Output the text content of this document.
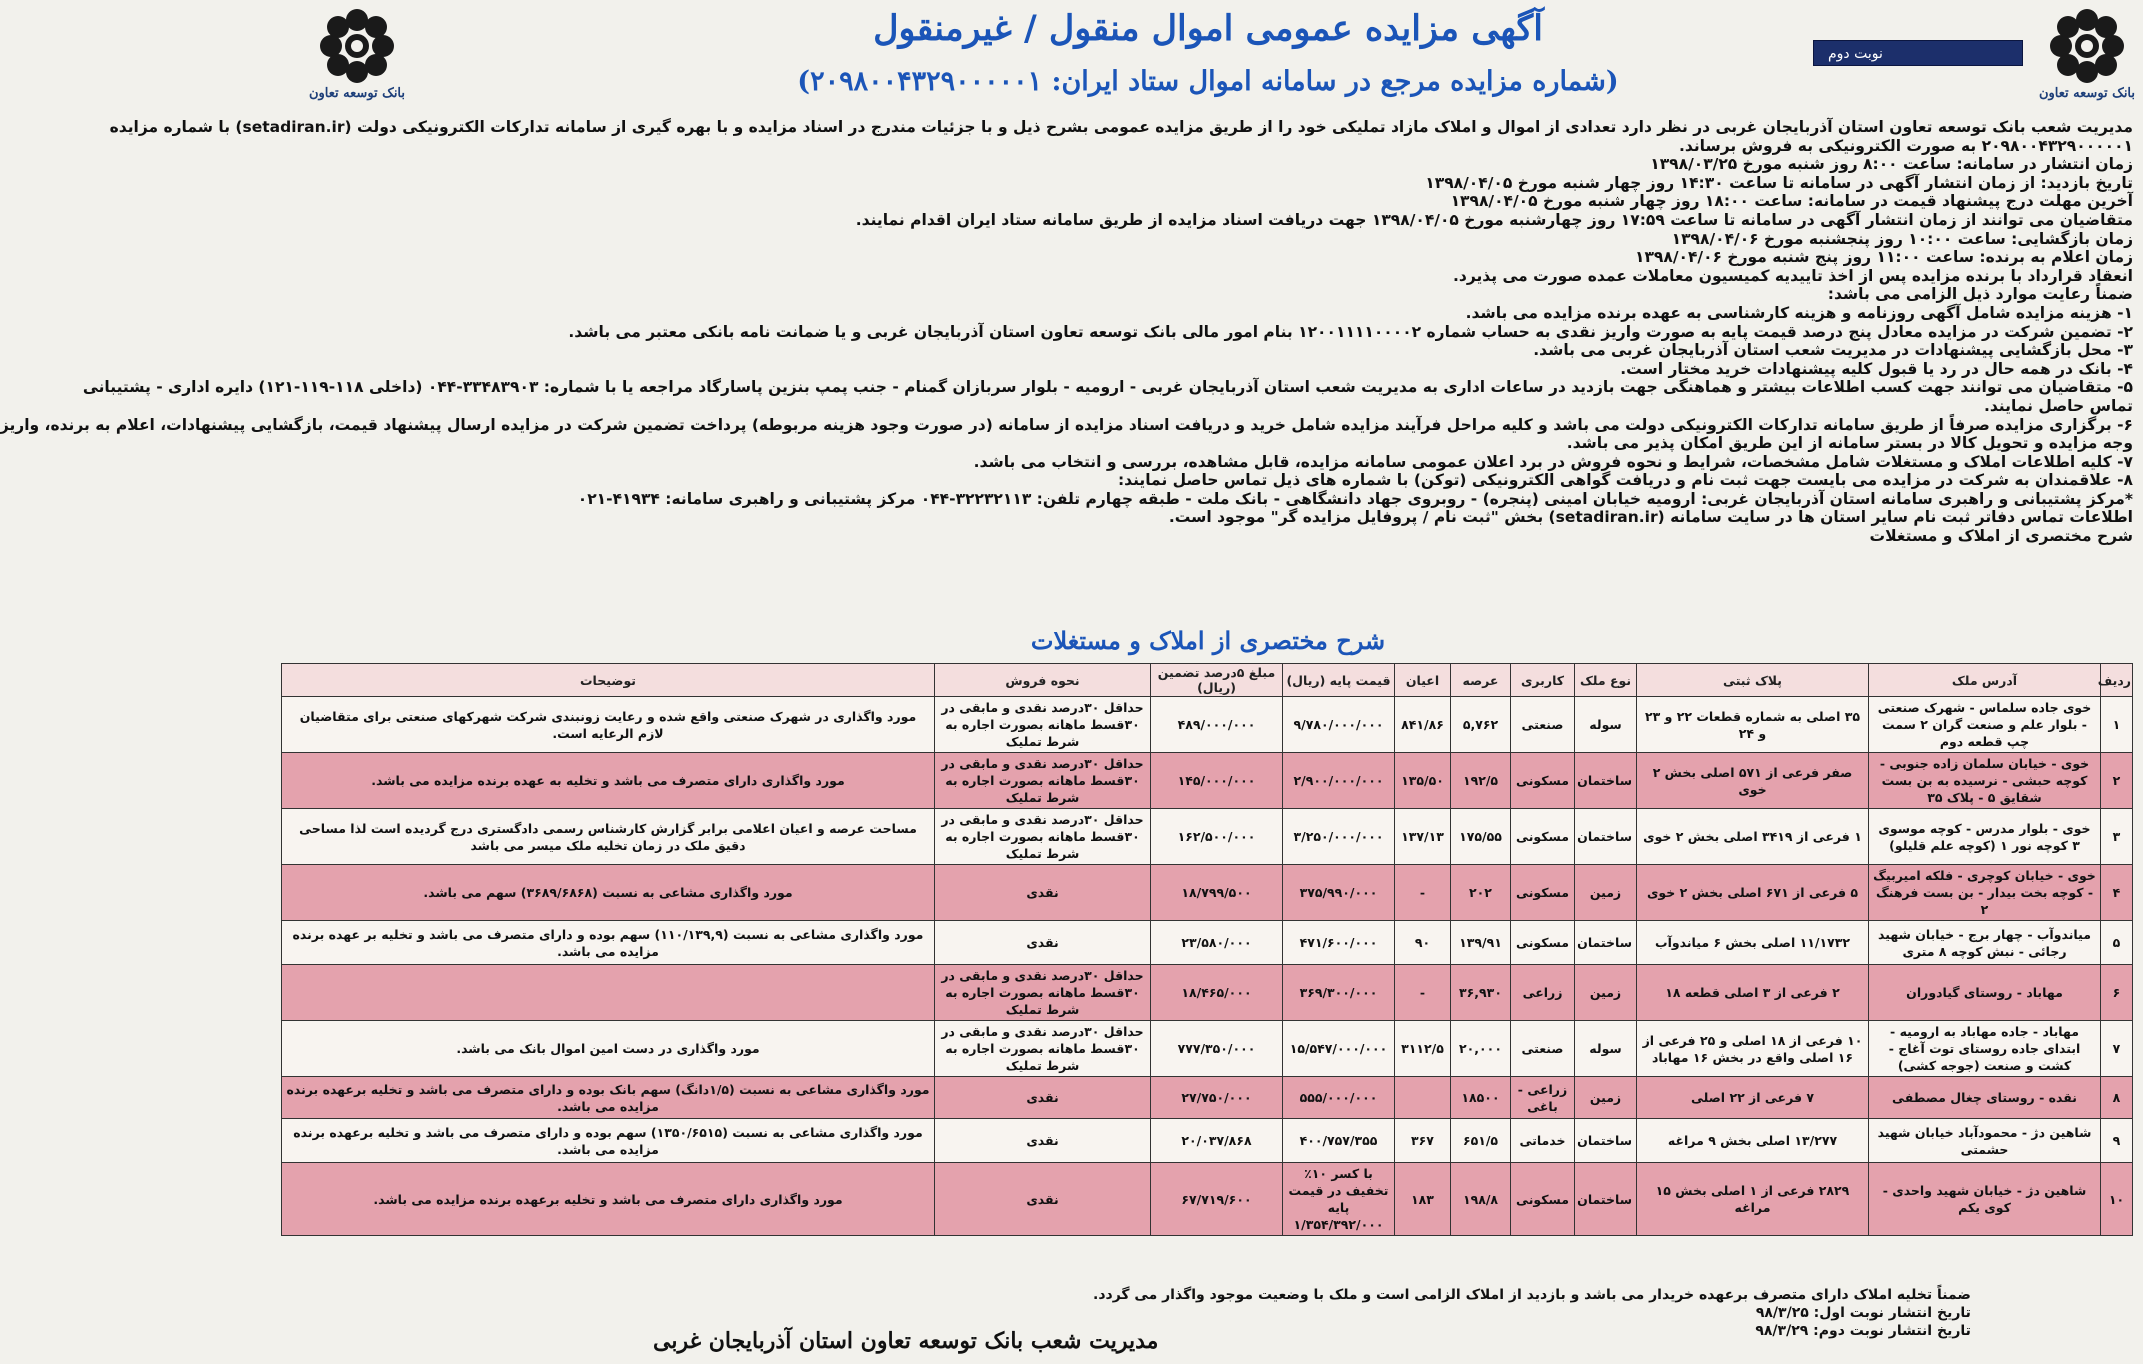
بانک توسعه تعاون
بانک توسعه تعاون
نوبت دوم
آگهی مزایده عمومی اموال منقول / غیرمنقول
(شماره مزایده مرجع در سامانه اموال ستاد ایران: ۲۰۹۸۰۰۴۳۲۹۰۰۰۰۰۱)
مدیریت شعب بانک توسعه تعاون استان آذربایجان غربی در نظر دارد تعدادی از اموال و املاک مازاد تملیکی خود را از طریق مزایده عمومی بشرح ذیل و با جزئیات مندرج در اسناد مزایده و با بهره گیری از سامانه تدارکات الکترونیکی دولت (setadiran.ir) با شماره مزایده
۲۰۹۸۰۰۴۳۲۹۰۰۰۰۰۱ به صورت الکترونیکی به فروش برساند.
زمان انتشار در سامانه: ساعت ۸:۰۰ روز شنبه مورخ ۱۳۹۸/۰۳/۲۵
تاریخ بازدید: از زمان انتشار آگهی در سامانه تا ساعت ۱۴:۳۰ روز چهار شنبه مورخ ۱۳۹۸/۰۴/۰۵
آخرین مهلت درج پیشنهاد قیمت در سامانه: ساعت ۱۸:۰۰ روز چهار شنبه مورخ ۱۳۹۸/۰۴/۰۵
متقاضیان می توانند از زمان انتشار آگهی در سامانه تا ساعت ۱۷:۵۹ روز چهارشنبه مورخ ۱۳۹۸/۰۴/۰۵ جهت دریافت اسناد مزایده از طریق سامانه ستاد ایران اقدام نمایند.
زمان بازگشایی: ساعت ۱۰:۰۰ روز پنجشنبه مورخ ۱۳۹۸/۰۴/۰۶
زمان اعلام به برنده: ساعت ۱۱:۰۰ روز پنج شنبه مورخ ۱۳۹۸/۰۴/۰۶
انعقاد قرارداد با برنده مزایده پس از اخذ تاییدیه کمیسیون معاملات عمده صورت می پذیرد.
ضمناً رعایت موارد ذیل الزامی می باشد:
۱- هزینه مزایده شامل آگهی روزنامه و هزینه کارشناسی به عهده برنده مزایده می باشد.
۲- تضمین شرکت در مزایده معادل پنج درصد قیمت پایه به صورت واریز نقدی به حساب شماره ۱۲۰۰۱۱۱۱۰۰۰۰۲ بنام امور مالی بانک توسعه تعاون استان آذربایجان غربی و یا ضمانت نامه بانکی معتبر می باشد.
۳- محل بازگشایی پیشنهادات در مدیریت شعب استان آذربایجان غربی می باشد.
۴- بانک در همه حال در رد یا قبول کلیه پیشنهادات خرید مختار است.
۵- متقاضیان می توانند جهت کسب اطلاعات بیشتر و هماهنگی جهت بازدید در ساعات اداری به مدیریت شعب استان آذربایجان غربی - ارومیه - بلوار سربازان گمنام - جنب پمپ بنزین پاسارگاد مراجعه یا با شماره: ۳۳۴۸۳۹۰۳-۰۴۴ (داخلی ۱۱۸-۱۱۹-۱۲۱) دایره اداری - پشتیبانی
تماس حاصل نمایند.
۶- برگزاری مزایده صرفاً از طریق سامانه تدارکات الکترونیکی دولت می باشد و کلیه مراحل فرآیند مزایده شامل خرید و دریافت اسناد مزایده از سامانه (در صورت وجود هزینه مربوطه) پرداخت تضمین شرکت در مزایده ارسال پیشنهاد قیمت، بازگشایی پیشنهادات، اعلام به برنده، واریز
وجه مزایده و تحویل کالا در بستر سامانه از این طریق امکان پذیر می باشد.
۷- کلیه اطلاعات املاک و مستغلات شامل مشخصات، شرایط و نحوه فروش در برد اعلان عمومی سامانه مزایده، قابل مشاهده، بررسی و انتخاب می باشد.
۸- علاقمندان به شرکت در مزایده می بایست جهت ثبت نام و دریافت گواهی الکترونیکی (توکن) با شماره های ذیل تماس حاصل نمایند:
*مرکز پشتیبانی و راهبری سامانه استان آذربایجان غربی: ارومیه خیابان امینی (پنجره) - روبروی جهاد دانشگاهی - بانک ملت - طبقه چهارم تلفن: ۳۲۲۳۲۱۱۳-۰۴۴ مرکز پشتیبانی و راهبری سامانه: ۴۱۹۳۴-۰۲۱
اطلاعات تماس دفاتر ثبت نام سایر استان ها در سایت سامانه (setadiran.ir) بخش "ثبت نام / پروفایل مزایده گر" موجود است.
شرح مختصری از املاک و مستغلات
شرح مختصری از املاک و مستغلات
ردیف	آدرس ملک	پلاک ثبتی	نوع ملک	کاربری	عرصه	اعیان	قیمت پایه (ریال)	مبلغ ۵درصد تضمین (ریال)	نحوه فروش	توضیحات
۱	خوی جاده سلماس - شهرک صنعتی - بلوار علم و صنعت گران ۲ سمت چپ قطعه دوم	۳۵ اصلی به شماره قطعات ۲۲ و ۲۳ و ۲۴	سوله	صنعتی	۵,۷۶۲	۸۴۱/۸۶	۹/۷۸۰/۰۰۰/۰۰۰	۴۸۹/۰۰۰/۰۰۰	حداقل ۳۰درصد نقدی و مابقی در ۳۰قسط ماهانه بصورت اجاره به شرط تملیک	مورد واگذاری در شهرک صنعتی واقع شده و رعایت زونبندی شرکت شهرکهای صنعتی برای متقاضیان لازم الرعایه است.
۲	خوی - خیابان سلمان زاده جنوبی - کوچه حبشی - نرسیده به بن بست شقایق ۵ - پلاک ۳۵	صفر فرعی از ۵۷۱ اصلی بخش ۲ خوی	ساختمان	مسکونی	۱۹۲/۵	۱۳۵/۵۰	۲/۹۰۰/۰۰۰/۰۰۰	۱۴۵/۰۰۰/۰۰۰	حداقل ۳۰درصد نقدی و مابقی در ۳۰قسط ماهانه بصورت اجاره به شرط تملیک	مورد واگذاری دارای متصرف می باشد و تخلیه به عهده برنده مزایده می باشد.
۳	خوی - بلوار مدرس - کوچه موسوی ۳ کوچه نور ۱ (کوچه علم قلیلو)	۱ فرعی از ۳۴۱۹ اصلی بخش ۲ خوی	ساختمان	مسکونی	۱۷۵/۵۵	۱۳۷/۱۳	۳/۲۵۰/۰۰۰/۰۰۰	۱۶۲/۵۰۰/۰۰۰	حداقل ۳۰درصد نقدی و مابقی در ۳۰قسط ماهانه بصورت اجاره به شرط تملیک	مساحت عرصه و اعیان اعلامی برابر گزارش کارشناس رسمی دادگستری درج گردیده است لذا مساحی دقیق ملک در زمان تخلیه ملک میسر می باشد
۴	خوی - خیابان کوچری - فلکه امیربیگ - کوچه بخت بیدار - بن بست فرهنگ ۲	۵ فرعی از ۶۷۱ اصلی بخش ۲ خوی	زمین	مسکونی	۲۰۲	-	۳۷۵/۹۹۰/۰۰۰	۱۸/۷۹۹/۵۰۰	نقدی	مورد واگذاری مشاعی به نسبت (۳۶۸۹/۶۸۶۸) سهم می باشد.
۵	میاندوآب - چهار برج - خیابان شهید رجائی - نبش کوچه ۸ متری	۱۱/۱۷۳۲ اصلی بخش ۶ میاندوآب	ساختمان	مسکونی	۱۳۹/۹۱	۹۰	۴۷۱/۶۰۰/۰۰۰	۲۳/۵۸۰/۰۰۰	نقدی	مورد واگذاری مشاعی به نسبت (۱۱۰/۱۳۹,۹) سهم بوده و دارای متصرف می باشد و تخلیه بر عهده برنده مزایده می باشد.
۶	مهاباد - روستای گیادوران	۲ فرعی از ۳ اصلی قطعه ۱۸	زمین	زراعی	۳۶,۹۳۰	-	۳۶۹/۳۰۰/۰۰۰	۱۸/۴۶۵/۰۰۰	حداقل ۳۰درصد نقدی و مابقی در ۳۰قسط ماهانه بصورت اجاره به شرط تملیک	
۷	مهاباد - جاده مهاباد به ارومیه - ابتدای جاده روستای توت آغاج - کشت و صنعت (جوجه کشی)	۱۰ فرعی از ۱۸ اصلی و ۲۵ فرعی از ۱۶ اصلی واقع در بخش ۱۶ مهاباد	سوله	صنعتی	۲۰,۰۰۰	۳۱۱۲/۵	۱۵/۵۴۷/۰۰۰/۰۰۰	۷۷۷/۳۵۰/۰۰۰	حداقل ۳۰درصد نقدی و مابقی در ۳۰قسط ماهانه بصورت اجاره به شرط تملیک	مورد واگذاری در دست امین اموال بانک می باشد.
۸	نقده - روستای چغال مصطفی	۷ فرعی از ۲۲ اصلی	زمین	زراعی - باغی	۱۸۵۰۰		۵۵۵/۰۰۰/۰۰۰	۲۷/۷۵۰/۰۰۰	نقدی	مورد واگذاری مشاعی به نسبت (۱/۵دانگ) سهم بانک بوده و دارای متصرف می باشد و تخلیه برعهده برنده مزایده می باشد.
۹	شاهین دژ - محمودآباد خیابان شهید حشمتی	۱۳/۲۷۷ اصلی بخش ۹ مراغه	ساختمان	خدماتی	۶۵۱/۵	۳۶۷	۴۰۰/۷۵۷/۳۵۵	۲۰/۰۳۷/۸۶۸	نقدی	مورد واگذاری مشاعی به نسبت (۱۳۵۰/۶۵۱۵) سهم بوده و دارای متصرف می باشد و تخلیه برعهده برنده مزایده می باشد.
۱۰	شاهین دژ - خیابان شهید واحدی - کوی یکم	۲۸۲۹ فرعی از ۱ اصلی بخش ۱۵ مراغه	ساختمان	مسکونی	۱۹۸/۸	۱۸۳	با کسر ۱۰٪ تخفیف در قیمت پایه ۱/۳۵۴/۳۹۲/۰۰۰	۶۷/۷۱۹/۶۰۰	نقدی	مورد واگذاری دارای متصرف می باشد و تخلیه برعهده برنده مزایده می باشد.
ضمناً تخلیه املاک دارای متصرف برعهده خریدار می باشد و بازدید از املاک الزامی است و ملک با وضعیت موجود واگذار می گردد.
تاریخ انتشار نوبت اول: ۹۸/۳/۲۵
تاریخ انتشار نوبت دوم: ۹۸/۳/۲۹
مدیریت شعب بانک توسعه تعاون استان آذربایجان غربی
